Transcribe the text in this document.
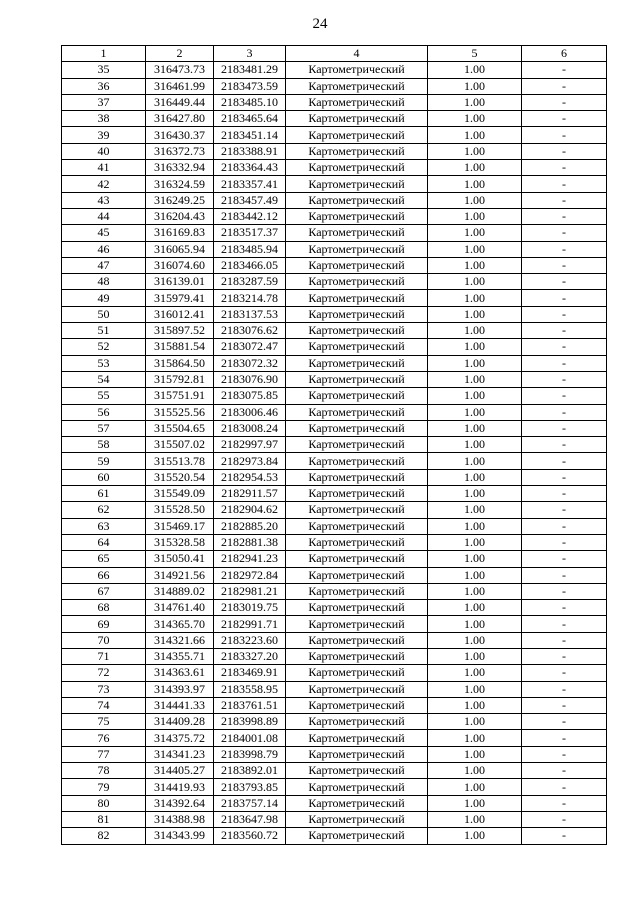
24
1	2	3	4	5	6
35	316473.73	2183481.29	Картометрический	1.00	-
36	316461.99	2183473.59	Картометрический	1.00	-
37	316449.44	2183485.10	Картометрический	1.00	-
38	316427.80	2183465.64	Картометрический	1.00	-
39	316430.37	2183451.14	Картометрический	1.00	-
40	316372.73	2183388.91	Картометрический	1.00	-
41	316332.94	2183364.43	Картометрический	1.00	-
42	316324.59	2183357.41	Картометрический	1.00	-
43	316249.25	2183457.49	Картометрический	1.00	-
44	316204.43	2183442.12	Картометрический	1.00	-
45	316169.83	2183517.37	Картометрический	1.00	-
46	316065.94	2183485.94	Картометрический	1.00	-
47	316074.60	2183466.05	Картометрический	1.00	-
48	316139.01	2183287.59	Картометрический	1.00	-
49	315979.41	2183214.78	Картометрический	1.00	-
50	316012.41	2183137.53	Картометрический	1.00	-
51	315897.52	2183076.62	Картометрический	1.00	-
52	315881.54	2183072.47	Картометрический	1.00	-
53	315864.50	2183072.32	Картометрический	1.00	-
54	315792.81	2183076.90	Картометрический	1.00	-
55	315751.91	2183075.85	Картометрический	1.00	-
56	315525.56	2183006.46	Картометрический	1.00	-
57	315504.65	2183008.24	Картометрический	1.00	-
58	315507.02	2182997.97	Картометрический	1.00	-
59	315513.78	2182973.84	Картометрический	1.00	-
60	315520.54	2182954.53	Картометрический	1.00	-
61	315549.09	2182911.57	Картометрический	1.00	-
62	315528.50	2182904.62	Картометрический	1.00	-
63	315469.17	2182885.20	Картометрический	1.00	-
64	315328.58	2182881.38	Картометрический	1.00	-
65	315050.41	2182941.23	Картометрический	1.00	-
66	314921.56	2182972.84	Картометрический	1.00	-
67	314889.02	2182981.21	Картометрический	1.00	-
68	314761.40	2183019.75	Картометрический	1.00	-
69	314365.70	2182991.71	Картометрический	1.00	-
70	314321.66	2183223.60	Картометрический	1.00	-
71	314355.71	2183327.20	Картометрический	1.00	-
72	314363.61	2183469.91	Картометрический	1.00	-
73	314393.97	2183558.95	Картометрический	1.00	-
74	314441.33	2183761.51	Картометрический	1.00	-
75	314409.28	2183998.89	Картометрический	1.00	-
76	314375.72	2184001.08	Картометрический	1.00	-
77	314341.23	2183998.79	Картометрический	1.00	-
78	314405.27	2183892.01	Картометрический	1.00	-
79	314419.93	2183793.85	Картометрический	1.00	-
80	314392.64	2183757.14	Картометрический	1.00	-
81	314388.98	2183647.98	Картометрический	1.00	-
82	314343.99	2183560.72	Картометрический	1.00	-
